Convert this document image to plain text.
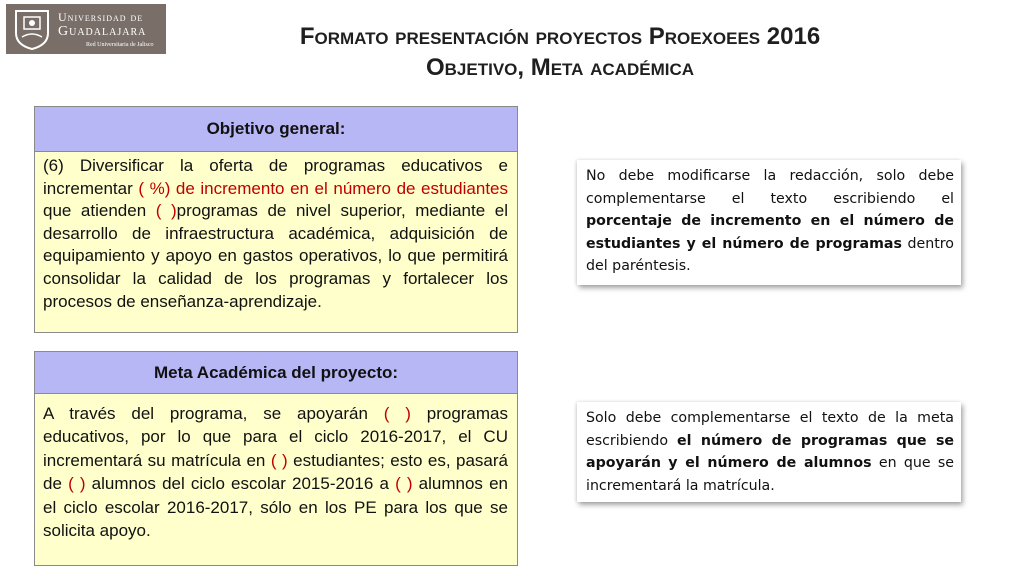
Universidad de
Guadalajara
Red Universitaria de Jalisco	Formato presentación proyectos Proexoees 2016
Objetivo, Meta académica
Objetivo general:
(6) Diversificar la oferta de programas educativos e incrementar ( %) de incremento en el número de estudiantes que atienden ( )programas de nivel superior, mediante el desarrollo de infraestructura académica, adquisición de equipamiento y apoyo en gastos operativos, lo que permitirá consolidar la calidad de los programas y fortalecer los procesos de enseñanza-aprendizaje.
Meta Académica del proyecto:
A través del programa, se apoyarán ( ) programas educativos, por lo que para el ciclo 2016-2017, el CU incrementará su matrícula en ( ) estudiantes; esto es, pasará de ( ) alumnos del ciclo escolar 2015-2016 a ( ) alumnos en el ciclo escolar 2016-2017, sólo en los PE para los que se solicita apoyo.
No debe modificarse la redacción, solo debe complementarse el texto escribiendo el porcentaje de incremento en el número de estudiantes y el número de programas dentro del paréntesis.
Solo debe complementarse el texto de la meta escribiendo el número de programas que se apoyarán y el número de alumnos en que se incrementará la matrícula.
